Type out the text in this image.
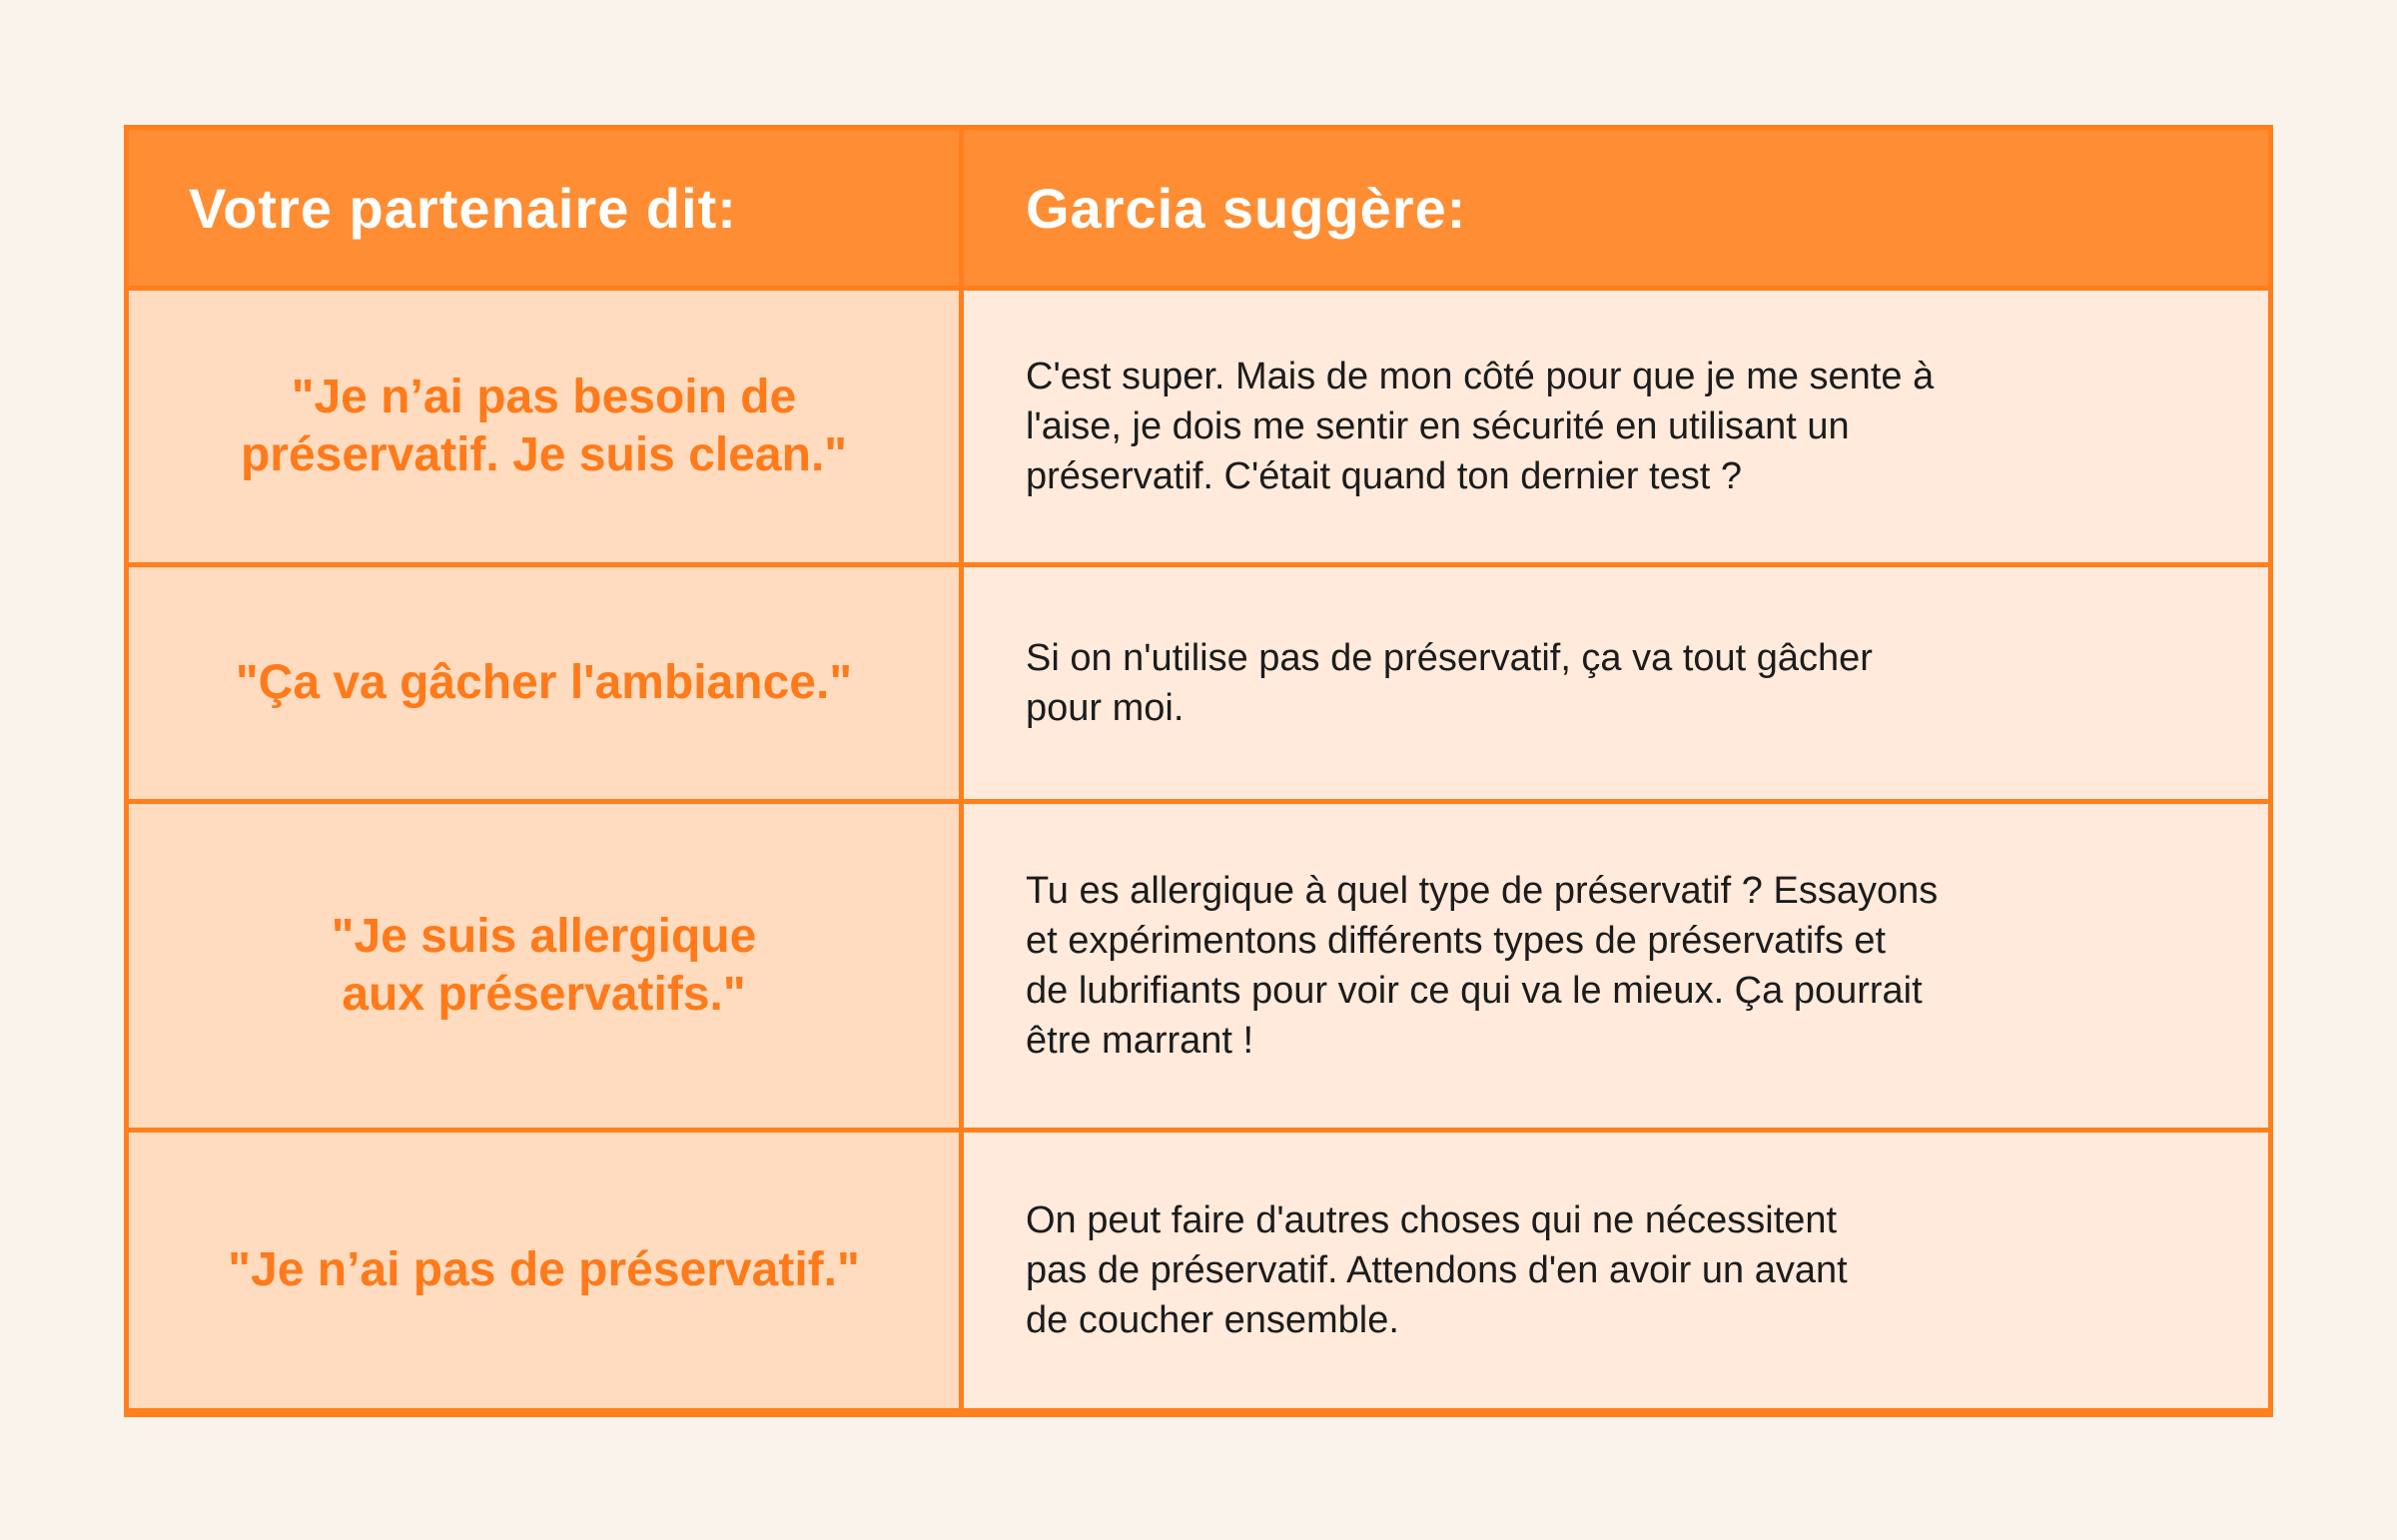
Votre partenaire dit:	Garcia suggère:
"Je n’ai pas besoin de
préservatif. Je suis clean."
C'est super. Mais de mon côté pour que je me sente à
l'aise, je dois me sentir en sécurité en utilisant un
préservatif. C'était quand ton dernier test ?
"Ça va gâcher l'ambiance."	Si on n'utilise pas de préservatif, ça va tout gâcher
pour moi.
"Je suis allergique
aux préservatifs."
Tu es allergique à quel type de préservatif ? Essayons
et expérimentons différents types de préservatifs et
de lubrifiants pour voir ce qui va le mieux. Ça pourrait
être marrant !
"Je n’ai pas de préservatif."
On peut faire d'autres choses qui ne nécessitent
pas de préservatif. Attendons d'en avoir un avant
de coucher ensemble.
